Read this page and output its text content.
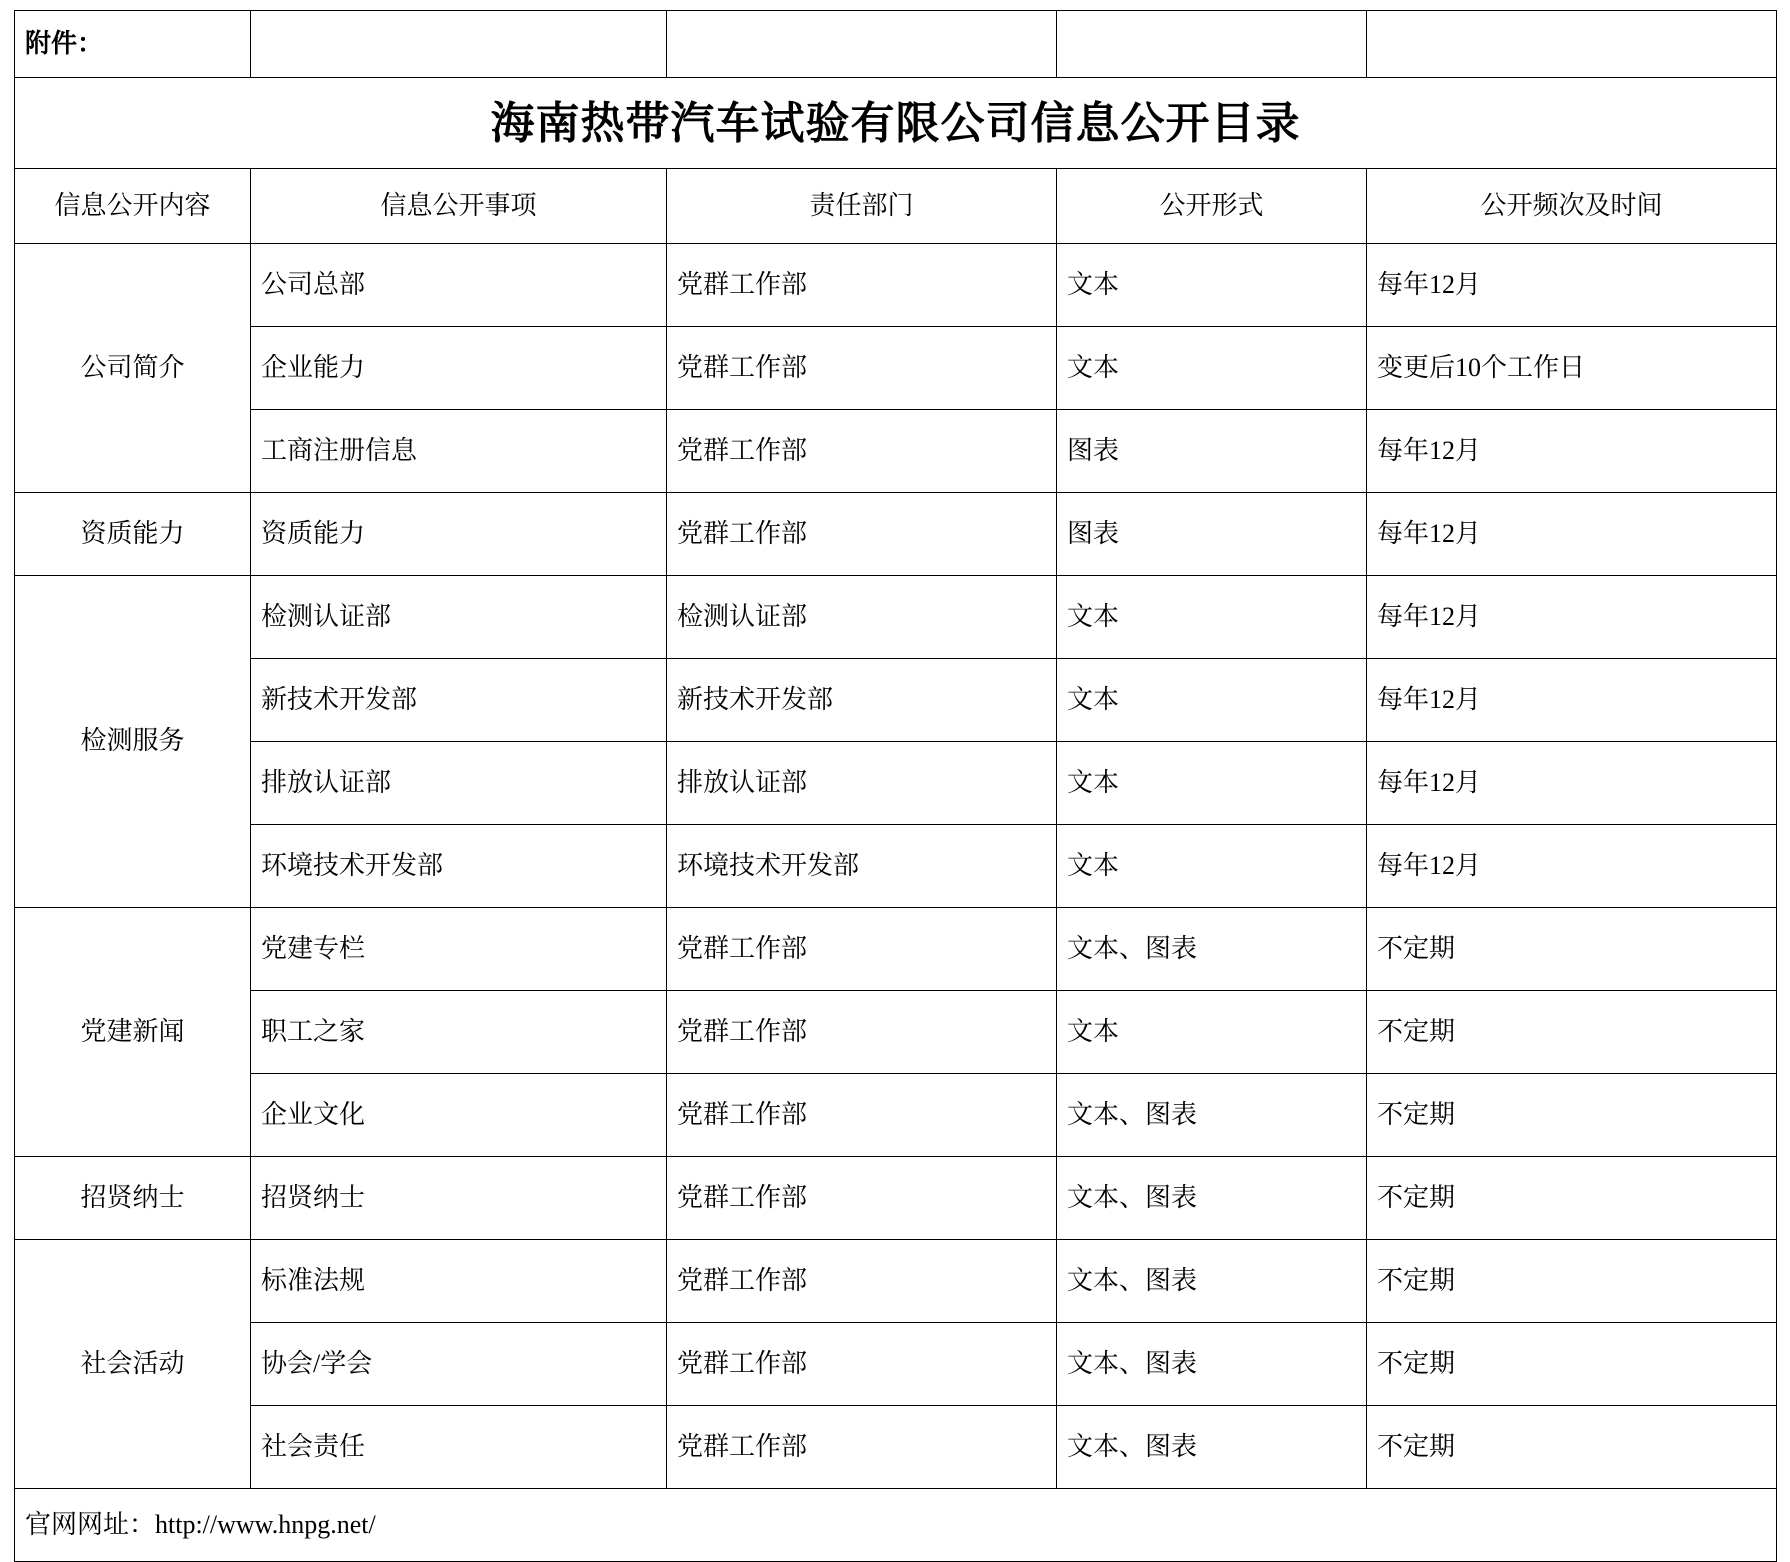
附件：				
海南热带汽车试验有限公司信息公开目录				
信息公开内容	信息公开事项	责任部门	公开形式	公开频次及时间
公司简介	公司总部	党群工作部	文本	每年12月
	企业能力	党群工作部	文本	变更后10个工作日
	工商注册信息	党群工作部	图表	每年12月
资质能力	资质能力	党群工作部	图表	每年12月
检测服务	检测认证部	检测认证部	文本	每年12月
	新技术开发部	新技术开发部	文本	每年12月
	排放认证部	排放认证部	文本	每年12月
	环境技术开发部	环境技术开发部	文本	每年12月
党建新闻	党建专栏	党群工作部	文本、图表	不定期
	职工之家	党群工作部	文本	不定期
	企业文化	党群工作部	文本、图表	不定期
招贤纳士	招贤纳士	党群工作部	文本、图表	不定期
社会活动	标准法规	党群工作部	文本、图表	不定期
	协会/学会	党群工作部	文本、图表	不定期
	社会责任	党群工作部	文本、图表	不定期
官网网址：http://www.hnpg.net/				
